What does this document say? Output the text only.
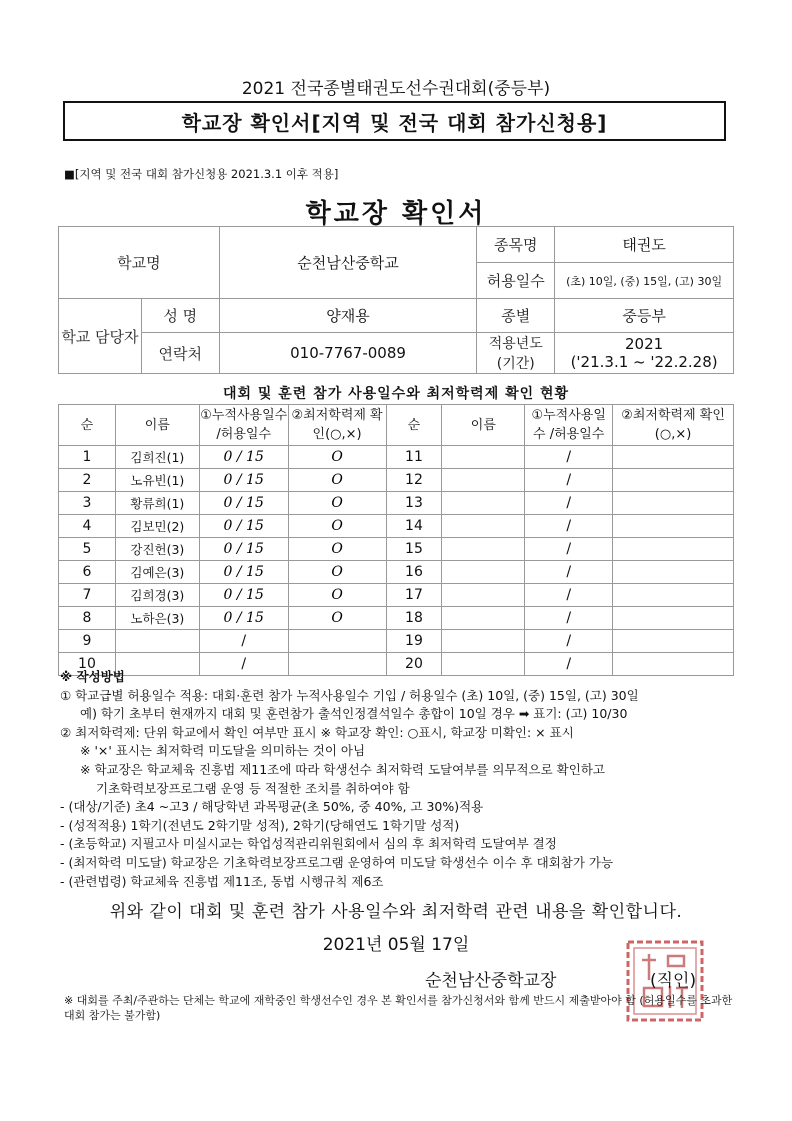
2021 전국종별태권도선수권대회(중등부)
학교장 확인서[지역 및 전국 대회 참가신청용]
■[지역 및 전국 대회 참가신청용 2021.3.1 이후 적용]
학교장 확인서
학교명		순천남산중학교	종목명	태권도
			허용일수	(초) 10일, (중) 15일, (고) 30일
학교 담당자	성 명	양재용	종별	중등부
	연락처	010-7767-0089	적용년도 (기간)	2021
('21.3.1 ~ '22.2.28)
대회 및 훈련 참가 사용일수와 최저학력제 확인 현황
순	이름	①누적사용일수 /허용일수	②최저학력제 확인(○,×)	순	이름	①누적사용일수 /허용일수	②최저학력제 확인(○,×)
1	김희진(1)	0 / 15	O	11		/	
2	노유빈(1)	0 / 15	O	12		/	
3	황류희(1)	0 / 15	O	13		/	
4	김보민(2)	0 / 15	O	14		/	
5	강진헌(3)	0 / 15	O	15		/	
6	김예은(3)	0 / 15	O	16		/	
7	김희경(3)	0 / 15	O	17		/	
8	노하은(3)	0 / 15	O	18		/	
9		/		19		/	
10		/		20		/	
※ 작성방법
① 학교급별 허용일수 적용: 대회·훈련 참가 누적사용일수 기입 / 허용일수 (초) 10일, (중) 15일, (고) 30일
예) 학기 초부터 현재까지 대회 및 훈련참가 출석인정결석일수 총합이 10일 경우 ➡ 표기: (고) 10/30
② 최저학력제: 단위 학교에서 확인 여부만 표시 ※ 학교장 확인: ○표시, 학교장 미확인: × 표시
※ '×' 표시는 최저학력 미도달을 의미하는 것이 아님
※ 학교장은 학교체육 진흥법 제11조에 따라 학생선수 최저학력 도달여부를 의무적으로 확인하고
기초학력보장프로그램 운영 등 적절한 조치를 취하여야 함
- (대상/기준) 초4 ~고3 / 해당학년 과목평균(초 50%, 중 40%, 고 30%)적용
- (성적적용) 1학기(전년도 2학기말 성적), 2학기(당해연도 1학기말 성적)
- (초등학교) 지필고사 미실시교는 학업성적관리위원회에서 심의 후 최저학력 도달여부 결정
- (최저학력 미도달) 학교장은 기초학력보장프로그램 운영하여 미도달 학생선수 이수 후 대회참가 가능
- (관련법령) 학교체육 진흥법 제11조, 동법 시행규칙 제6조
위와 같이 대회 및 훈련 참가 사용일수와 최저학력 관련 내용을 확인합니다.
2021년 05월 17일
순천남산중학교장	(직인)
※ 대회를 주최/주관하는 단체는 학교에 재학중인 학생선수인 경우 본 확인서를 참가신청서와 함께 반드시 제출받아야 함 (허용일수를 초과한 대회 참가는 불가함)
